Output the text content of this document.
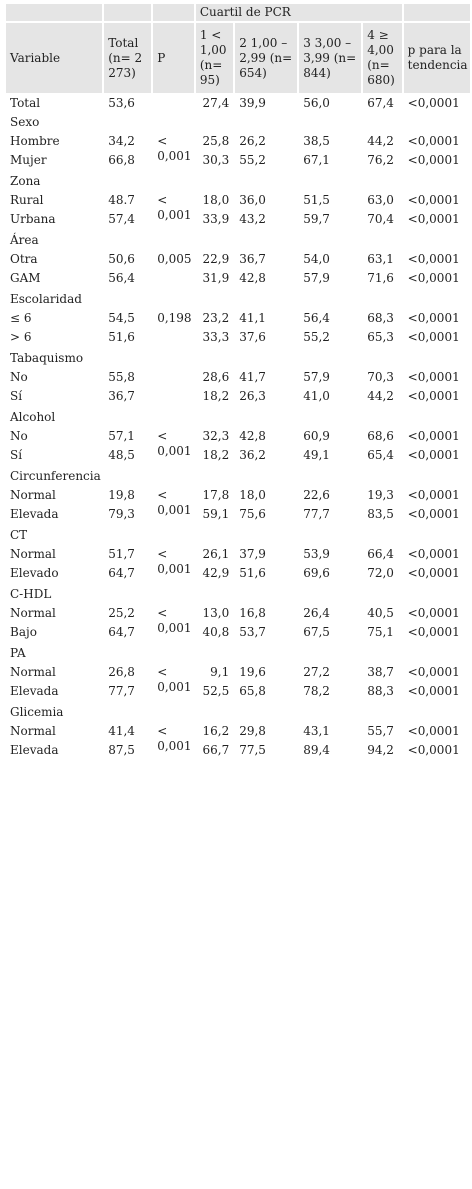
			Cuartil de PCR				
Variable	Total (n= 2 273)	P	1 < 1,00 (n= 95)	2 1,00 – 2,99 (n= 654)	3 3,00 – 3,99 (n= 844)	4 ≥ 4,00 (n= 680)	p para la tendencia
Total	53,6		27,4	39,9	56,0	67,4	<0,0001
Sexo							
Hombre	34,2	< 0,001	25,8	26,2	38,5	44,2	<0,0001
Mujer	66,8		30,3	55,2	67,1	76,2	<0,0001

Zona							
Rural	48.7	< 0,001	18,0	36,0	51,5	63,0	<0,0001
Urbana	57,4		33,9	43,2	59,7	70,4	<0,0001

Área							
Otra	50,6	0,005	22,9	36,7	54,0	63,1	<0,0001
GAM	56,4		31,9	42,8	57,9	71,6	<0,0001

Escolaridad							
≤ 6	54,5	0,198	23,2	41,1	56,4	68,3	<0,0001
> 6	51,6		33,3	37,6	55,2	65,3	<0,0001

Tabaquismo							
No	55,8		28,6	41,7	57,9	70,3	<0,0001
Sí	36,7		18,2	26,3	41,0	44,2	<0,0001

Alcohol							
No	57,1	< 0,001	32,3	42,8	60,9	68,6	<0,0001
Sí	48,5		18,2	36,2	49,1	65,4	<0,0001

Circunferencia							
Normal	19,8	< 0,001	17,8	18,0	22,6	19,3	<0,0001
Elevada	79,3		59,1	75,6	77,7	83,5	<0,0001

CT							
Normal	51,7	< 0,001	26,1	37,9	53,9	66,4	<0,0001
Elevado	64,7		42,9	51,6	69,6	72,0	<0,0001

C-HDL							
Normal	25,2	< 0,001	13,0	16,8	26,4	40,5	<0,0001
Bajo	64,7		40,8	53,7	67,5	75,1	<0,0001

PA							
Normal	26,8	< 0,001	9,1	19,6	27,2	38,7	<0,0001
Elevada	77,7		52,5	65,8	78,2	88,3	<0,0001

Glicemia							
Normal	41,4	< 0,001	16,2	29,8	43,1	55,7	<0,0001
Elevada	87,5		66,7	77,5	89,4	94,2	<0,0001
